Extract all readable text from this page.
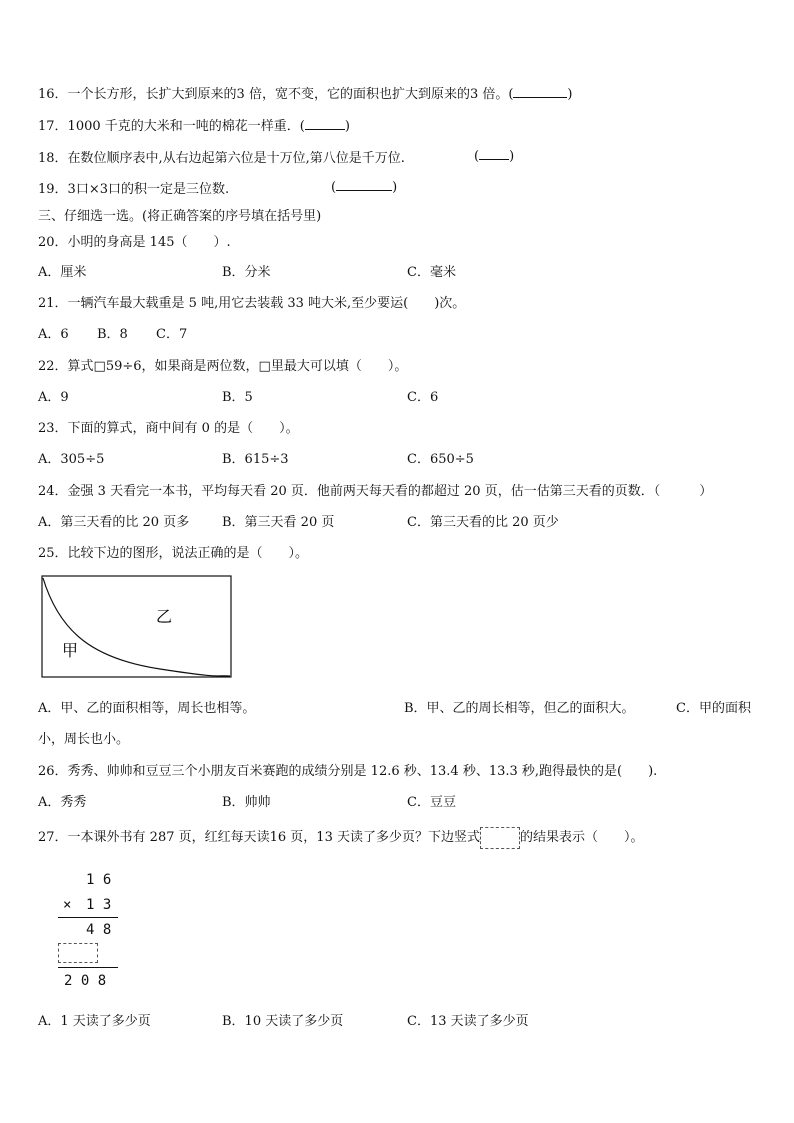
16．一个长方形，长扩大到原来的3 倍，宽不变，它的面积也扩大到原来的3 倍。(	)
17．1000 千克的大米和一吨的棉花一样重．(	)
18．在数位顺序表中,从右边起第六位是十万位,第八位是千万位.	( )
19．3口×3口的积一定是三位数.	(	)
三、仔细选一选。(将正确答案的序号填在括号里)
20．小明的身高是 145（　　）.
A．厘米	B．分米	C．毫米
21．一辆汽车最大载重是 5 吨,用它去装载 33 吨大米,至少要运(　　)次。
A．6 B．8 C．7
22．算式□59÷6，如果商是两位数，□里最大可以填（　　）。
A．9	B．5	C．6
23．下面的算式，商中间有 0 的是（　　）。
A．305÷5	B．615÷3	C．650÷5
24．金强 3 天看完一本书，平均每天看 20 页．他前两天每天看的都超过 20 页，估一估第三天看的页数．（　　　）
A．第三天看的比 20 页多	B．第三天看 20 页	C．第三天看的比 20 页少
25．比较下边的图形，说法正确的是（　　）。
乙
甲
A．甲、乙的面积相等，周长也相等。	B．甲、乙的周长相等，但乙的面积大。	C．甲的面积
小，周长也小。
26．秀秀、帅帅和豆豆三个小朋友百米赛跑的成绩分别是 12.6 秒、13.4 秒、13.3 秒,跑得最快的是(　　).
A．秀秀	B．帅帅	C．豆豆
27．一本课外书有 287 页，红红每天读16 页，13 天读了多少页？下边竖式	的结果表示（　　）。
1 6
× 1 3
4 8
2 0 8
A．1 天读了多少页	B．10 天读了多少页	C．13 天读了多少页
